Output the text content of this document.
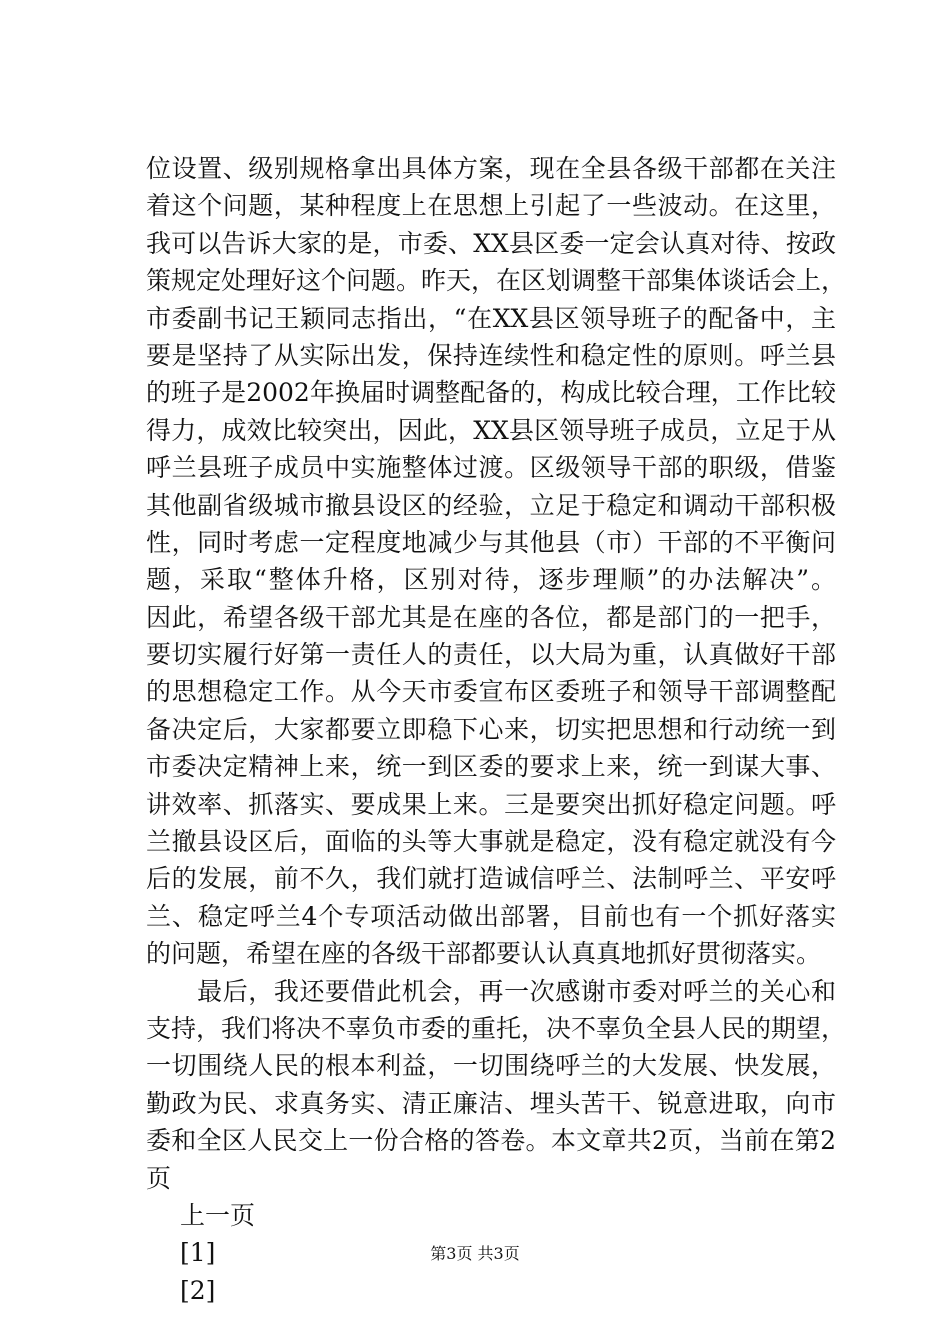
位设置、级别规格拿出具体方案，现在全县各级干部都在关注
着这个问题，某种程度上在思想上引起了一些波动。在这里，
我可以告诉大家的是，市委、XX县区委一定会认真对待、按政
策规定处理好这个问题。昨天，在区划调整干部集体谈话会上，
市委副书记王颖同志指出，“在XX县区领导班子的配备中，主
要是坚持了从实际出发，保持连续性和稳定性的原则。呼兰县
的班子是2002年换届时调整配备的，构成比较合理，工作比较
得力，成效比较突出，因此，XX县区领导班子成员，立足于从
呼兰县班子成员中实施整体过渡。区级领导干部的职级，借鉴
其他副省级城市撤县设区的经验，立足于稳定和调动干部积极
性，同时考虑一定程度地减少与其他县（市）干部的不平衡问
题，采取“整体升格，区别对待，逐步理顺”的办法解决”。
因此，希望各级干部尤其是在座的各位，都是部门的一把手，
要切实履行好第一责任人的责任，以大局为重，认真做好干部
的思想稳定工作。从今天市委宣布区委班子和领导干部调整配
备决定后，大家都要立即稳下心来，切实把思想和行动统一到
市委决定精神上来，统一到区委的要求上来，统一到谋大事、
讲效率、抓落实、要成果上来。三是要突出抓好稳定问题。呼
兰撤县设区后，面临的头等大事就是稳定，没有稳定就没有今
后的发展，前不久，我们就打造诚信呼兰、法制呼兰、平安呼
兰、稳定呼兰4个专项活动做出部署，目前也有一个抓好落实
的问题，希望在座的各级干部都要认认真真地抓好贯彻落实。
　　最后，我还要借此机会，再一次感谢市委对呼兰的关心和
支持，我们将决不辜负市委的重托，决不辜负全县人民的期望，
一切围绕人民的根本利益，一切围绕呼兰的大发展、快发展，
勤政为民、求真务实、清正廉洁、埋头苦干、锐意进取，向市
委和全区人民交上一份合格的答卷。本文章共2页，当前在第2
页
上一页
[1]
[2]
第3页 共3页
